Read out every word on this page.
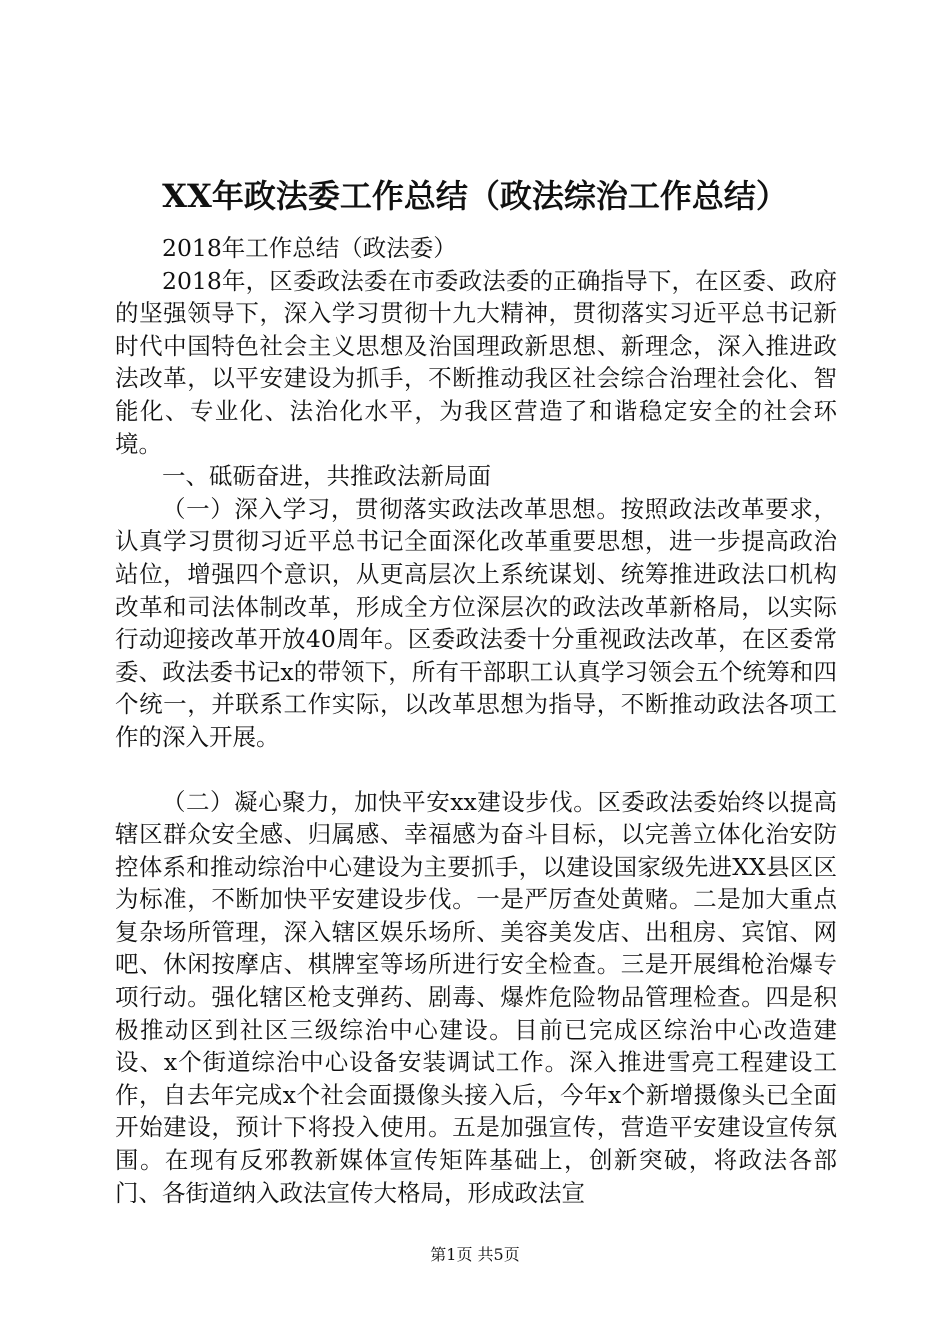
XX年政法委工作总结（政法综治工作总结）

2018年工作总结（政法委）

2018年，区委政法委在市委政法委的正确指导下，在区委、政府的坚强领导下，深入学习贯彻十九大精神，贯彻落实习近平总书记新时代中国特色社会主义思想及治国理政新思想、新理念，深入推进政法改革，以平安建设为抓手，不断推动我区社会综合治理社会化、智能化、专业化、法治化水平，为我区营造了和谐稳定安全的社会环境。

一、砥砺奋进，共推政法新局面

（一）深入学习，贯彻落实政法改革思想。按照政法改革要求，认真学习贯彻习近平总书记全面深化改革重要思想，进一步提高政治站位，增强四个意识，从更高层次上系统谋划、统筹推进政法口机构改革和司法体制改革，形成全方位深层次的政法改革新格局，以实际行动迎接改革开放40周年。区委政法委十分重视政法改革，在区委常委、政法委书记x的带领下，所有干部职工认真学习领会五个统筹和四个统一，并联系工作实际，以改革思想为指导，不断推动政法各项工作的深入开展。

（二）凝心聚力，加快平安xx建设步伐。区委政法委始终以提高辖区群众安全感、归属感、幸福感为奋斗目标，以完善立体化治安防控体系和推动综治中心建设为主要抓手，以建设国家级先进XX县区区为标准，不断加快平安建设步伐。一是严厉查处黄赌。二是加大重点复杂场所管理，深入辖区娱乐场所、美容美发店、出租房、宾馆、网吧、休闲按摩店、棋牌室等场所进行安全检查。三是开展缉枪治爆专项行动。强化辖区枪支弹药、剧毒、爆炸危险物品管理检查。四是积极推动区到社区三级综治中心建设。目前已完成区综治中心改造建设、x个街道综治中心设备安装调试工作。深入推进雪亮工程建设工作，自去年完成x个社会面摄像头接入后，今年x个新增摄像头已全面开始建设，预计下将投入使用。五是加强宣传，营造平安建设宣传氛围。在现有反邪教新媒体宣传矩阵基础上，创新突破，将政法各部门、各街道纳入政法宣传大格局，形成政法宣

第1页 共5页
